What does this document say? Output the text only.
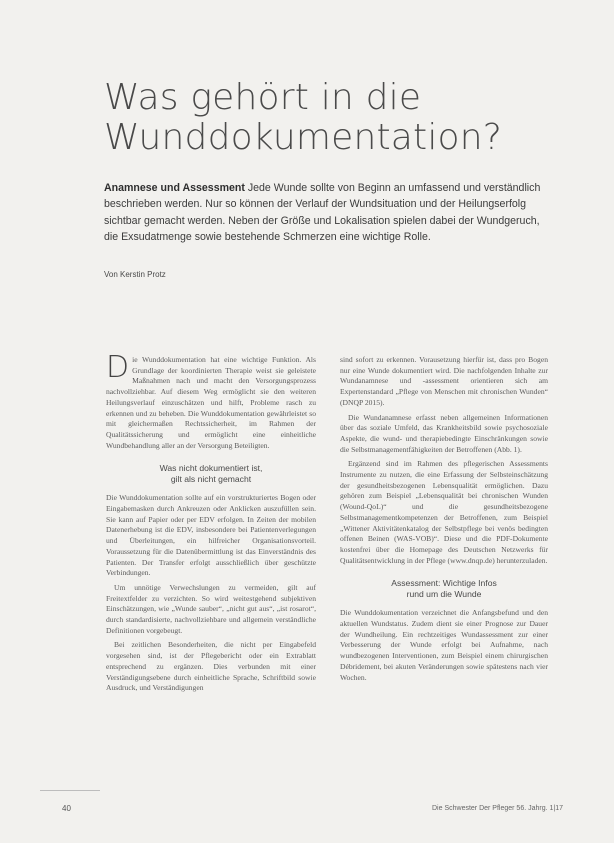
Was gehört in die
Wunddokumentation?

Anamnese und Assessment Jede Wunde sollte von Beginn an umfassend und verständlich beschrieben werden. Nur so können der Verlauf der Wundsituation und der Heilungserfolg sichtbar gemacht werden. Neben der Größe und Lokalisation spielen dabei der Wundgeruch, die Exsudatmenge sowie bestehende Schmerzen eine wichtige Rolle.

Von Kerstin Protz

Die Wunddokumentation hat eine wichtige Funktion. Als Grundlage der koordinierten Therapie weist sie geleistete Maßnahmen nach und macht den Versorgungsprozess nachvollziehbar. Auf diesem Weg ermöglicht sie den weiteren Heilungsverlauf einzuschätzen und hilft, Probleme rasch zu erkennen und zu beheben. Die Wunddokumentation gewährleistet so mit gleichermaßen Rechtssicherheit, im Rahmen der Qualitätssicherung und ermöglicht eine einheitliche Wundbehandlung aller an der Versorgung Beteiligten.

Was nicht dokumentiert ist,
gilt als nicht gemacht

Die Wunddokumentation sollte auf ein vorstrukturiertes Bogen oder Eingabemasken durch Ankreuzen oder Anklicken auszufüllen sein. Sie kann auf Papier oder per EDV erfolgen. In Zeiten der mobilen Datenerhebung ist die EDV, insbesondere bei Patientenverlegungen und Überleitungen, ein hilfreicher Organisationsvorteil. Voraussetzung für die Datenübermittlung ist das Einverständnis des Patienten. Der Transfer erfolgt ausschließlich über geschützte Verbindungen.

Um unnötige Verwechslungen zu vermeiden, gilt auf Freitextfelder zu verzichten. So wird weitestgehend subjektiven Einschätzungen, wie „Wunde sauber“, „nicht gut aus“, „ist rosarot“, durch standardisierte, nachvollziehbare und allgemein verständliche Definitionen vorgebeugt.

Bei zeitlichen Besonderheiten, die nicht per Eingabefeld vorgesehen sind, ist der Pflegebericht oder ein Extrablatt entsprechend zu ergänzen. Dies verbunden mit einer Verständigungsebene durch einheitliche Sprache, Schriftbild sowie Ausdruck, und Verständigungen

sind sofort zu erkennen. Vorausetzung hierfür ist, dass pro Bogen nur eine Wunde dokumentiert wird. Die nachfolgenden Inhalte zur Wundanamnese und -assessment orientieren sich am Expertenstandard „Pflege von Menschen mit chronischen Wunden“ (DNQP 2015).

Die Wundanamnese erfasst neben allgemeinen Informationen über das soziale Umfeld, das Krankheitsbild sowie psychosoziale Aspekte, die wund- und therapiebedingte Einschränkungen sowie die Selbstmanagementfähigkeiten der Betroffenen (Abb. 1).

Ergänzend sind im Rahmen des pflegerischen Assessments Instrumente zu nutzen, die eine Erfassung der Selbsteinschätzung der gesundheitsbezogenen Lebensqualität ermöglichen. Dazu gehören zum Beispiel „Lebensqualität bei chronischen Wunden (Wound-QoL)“ und die gesundheitsbezogene Selbstmanagementkompetenzen der Betroffenen, zum Beispiel „Wittener Aktivitätenkatalog der Selbstpflege bei venös bedingten offenen Beinen (WAS-VOB)“. Diese und die PDF-Dokumente kostenfrei über die Homepage des Deutschen Netzwerks für Qualitätsentwicklung in der Pflege (www.dnqp.de) herunterzuladen.

Assessment: Wichtige Infos
rund um die Wunde

Die Wunddokumentation verzeichnet die Anfangsbefund und den aktuellen Wundstatus. Zudem dient sie einer Prognose zur Dauer der Wundheilung. Ein rechtzeitiges Wundassessment zur einer Verbesserung der Wunde erfolgt bei Aufnahme, nach wundbezogenen Interventionen, zum Beispiel einem chirurgischen Débridement, bei akuten Veränderungen sowie spätestens nach vier Wochen.

40	Die Schwester Der Pfleger 56. Jahrg. 1|17
